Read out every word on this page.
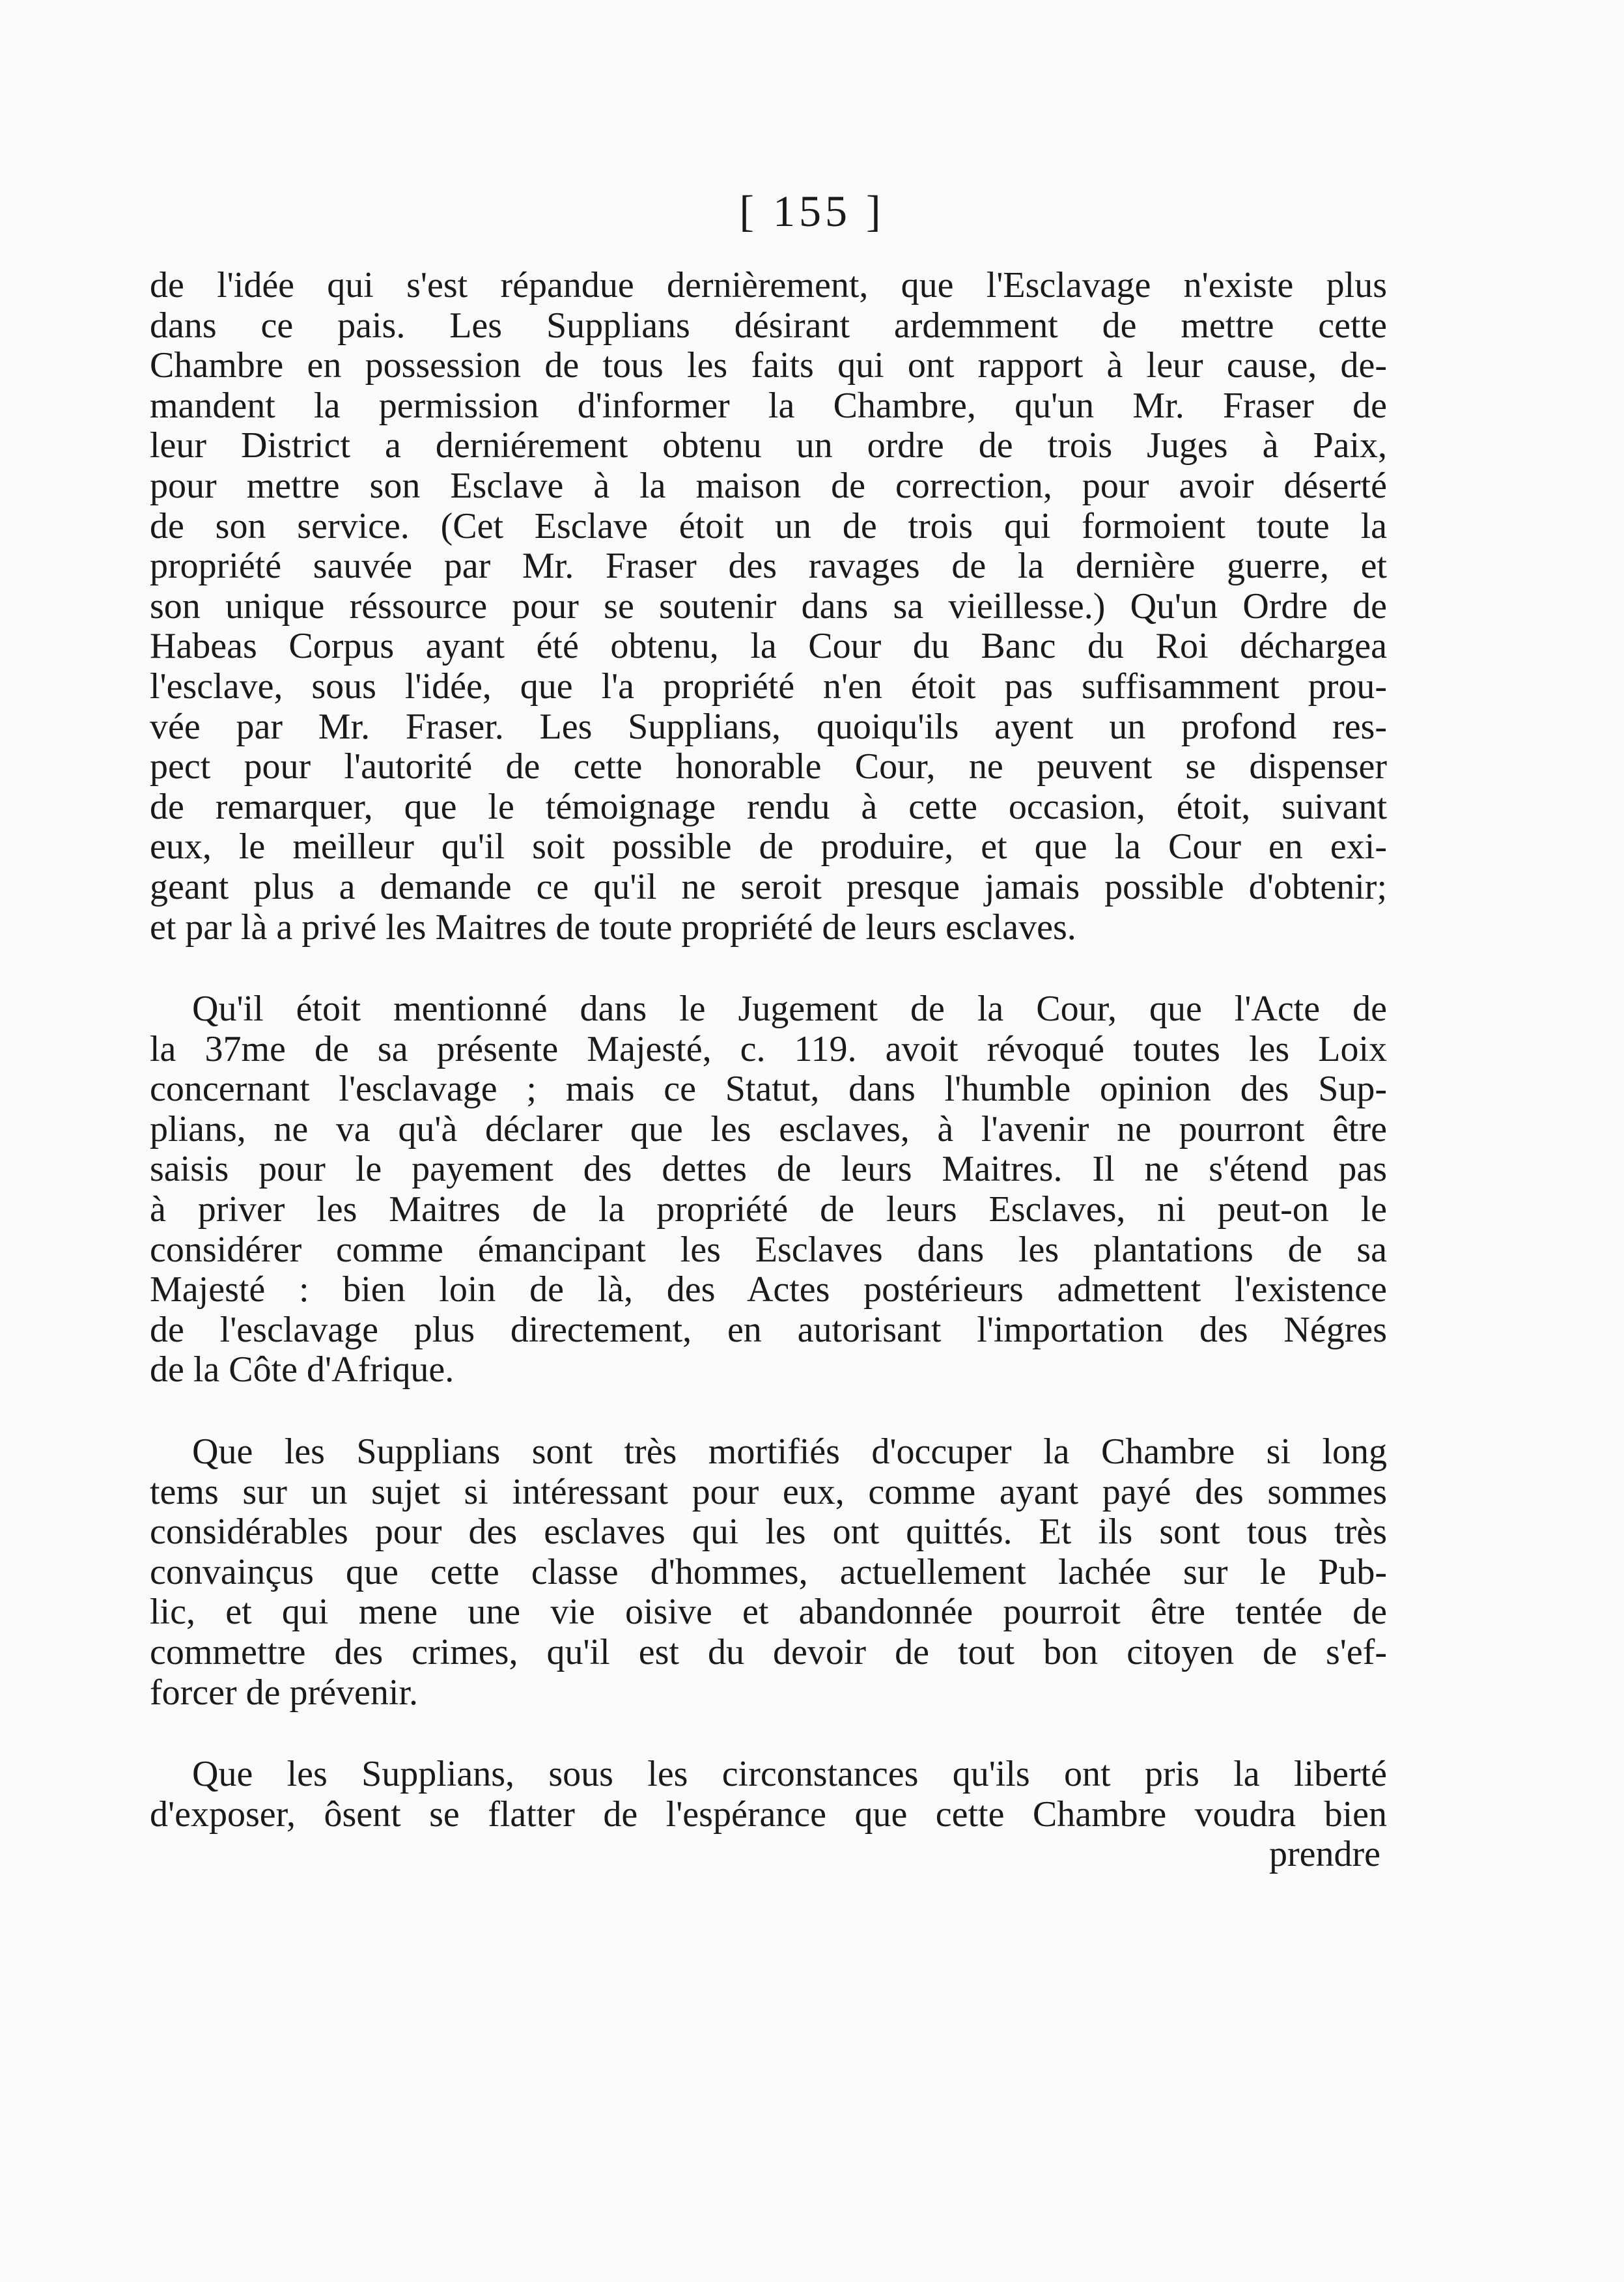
[ 155 ]
de l'idée qui s'est répandue dernièrement, que l'Esclavage n'existe plus
dans ce pais. Les Supplians désirant ardemment de mettre cette
Chambre en possession de tous les faits qui ont rapport à leur cause, de-
mandent la permission d'informer la Chambre, qu'un Mr. Fraser de
leur District a derniérement obtenu un ordre de trois Juges à Paix,
pour mettre son Esclave à la maison de correction, pour avoir déserté
de son service. (Cet Esclave étoit un de trois qui formoient toute la
propriété sauvée par Mr. Fraser des ravages de la dernière guerre, et
son unique réssource pour se soutenir dans sa vieillesse.) Qu'un Ordre de
Habeas Corpus ayant été obtenu, la Cour du Banc du Roi déchargea
l'esclave, sous l'idée, que l'a propriété n'en étoit pas suffisamment prou-
vée par Mr. Fraser. Les Supplians, quoiqu'ils ayent un profond res-
pect pour l'autorité de cette honorable Cour, ne peuvent se dispenser
de remarquer, que le témoignage rendu à cette occasion, étoit, suivant
eux, le meilleur qu'il soit possible de produire, et que la Cour en exi-
geant plus a demande ce qu'il ne seroit presque jamais possible d'obtenir;
et par là a privé les Maitres de toute propriété de leurs esclaves.
Qu'il étoit mentionné dans le Jugement de la Cour, que l'Acte de
la 37me de sa présente Majesté, c. 119. avoit révoqué toutes les Loix
concernant l'esclavage ; mais ce Statut, dans l'humble opinion des Sup-
plians, ne va qu'à déclarer que les esclaves, à l'avenir ne pourront être
saisis pour le payement des dettes de leurs Maitres. Il ne s'étend pas
à priver les Maitres de la propriété de leurs Esclaves, ni peut-on le
considérer comme émancipant les Esclaves dans les plantations de sa
Majesté : bien loin de là, des Actes postérieurs admettent l'existence
de l'esclavage plus directement, en autorisant l'importation des Négres
de la Côte d'Afrique.
Que les Supplians sont très mortifiés d'occuper la Chambre si long
tems sur un sujet si intéressant pour eux, comme ayant payé des sommes
considérables pour des esclaves qui les ont quittés. Et ils sont tous très
convainçus que cette classe d'hommes, actuellement lachée sur le Pub-
lic, et qui mene une vie oisive et abandonnée pourroit être tentée de
commettre des crimes, qu'il est du devoir de tout bon citoyen de s'ef-
forcer de prévenir.
Que les Supplians, sous les circonstances qu'ils ont pris la liberté
d'exposer, ôsent se flatter de l'espérance que cette Chambre voudra bien
prendre
